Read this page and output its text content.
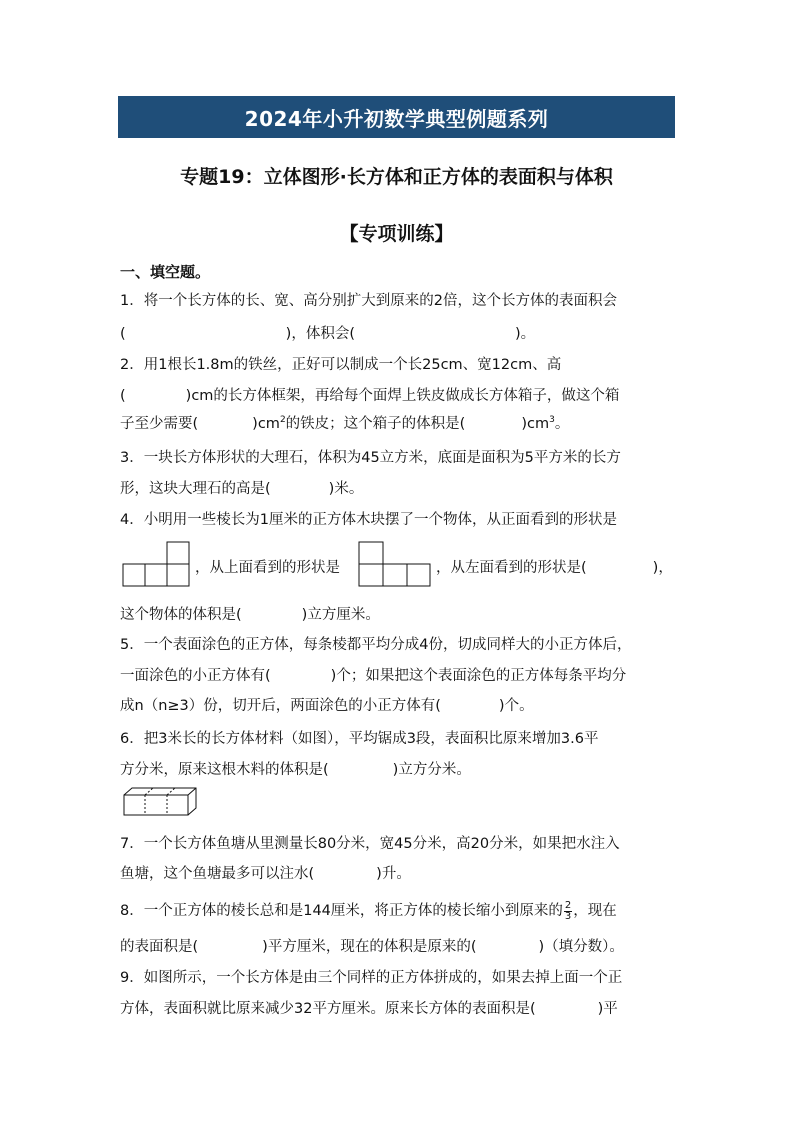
2024年小升初数学典型例题系列
专题19：立体图形·长方体和正方体的表面积与体积
【专项训练】
一、填空题。
1．将一个长方体的长、宽、高分别扩大到原来的2倍，这个长方体的表面积会
(	)，体积会(	)。
2．用1根长1.8m的铁丝，正好可以制成一个长25cm、宽12cm、高
(	)cm的长方体框架，再给每个面焊上铁皮做成长方体箱子，做这个箱
子至少需要(	)$cm^2$的铁皮；这个箱子的体积是(	)$cm^3$。
3．一块长方体形状的大理石，体积为45立方米，底面是面积为5平方米的长方
形，这块大理石的高是(	)米。
4．小明用一些棱长为1厘米的正方体木块摆了一个物体，从正面看到的形状是
，从上面看到的形状是	，从左面看到的形状是(	)，
这个物体的体积是(	)立方厘米。
5．一个表面涂色的正方体，每条棱都平均分成4份，切成同样大的小正方体后，
一面涂色的小正方体有(	)个；如果把这个表面涂色的正方体每条平均分
成n（n≥3）份，切开后，两面涂色的小正方体有(	)个。
6．把3米长的长方体材料（如图），平均锯成3段，表面积比原来增加3.6平
方分米，原来这根木料的体积是(	)立方分米。
7．一个长方体鱼塘从里测量长80分米，宽45分米，高20分米，如果把水注入
鱼塘，这个鱼塘最多可以注水(	)升。
8．一个正方体的棱长总和是144厘米，将正方体的棱长缩小到原来的 $\frac{2}{3}$ ，现在
的表面积是(	)平方厘米，现在的体积是原来的(	)（填分数）。
9．如图所示，一个长方体是由三个同样的正方体拼成的，如果去掉上面一个正
方体，表面积就比原来减少32平方厘米。原来长方体的表面积是(	)平
